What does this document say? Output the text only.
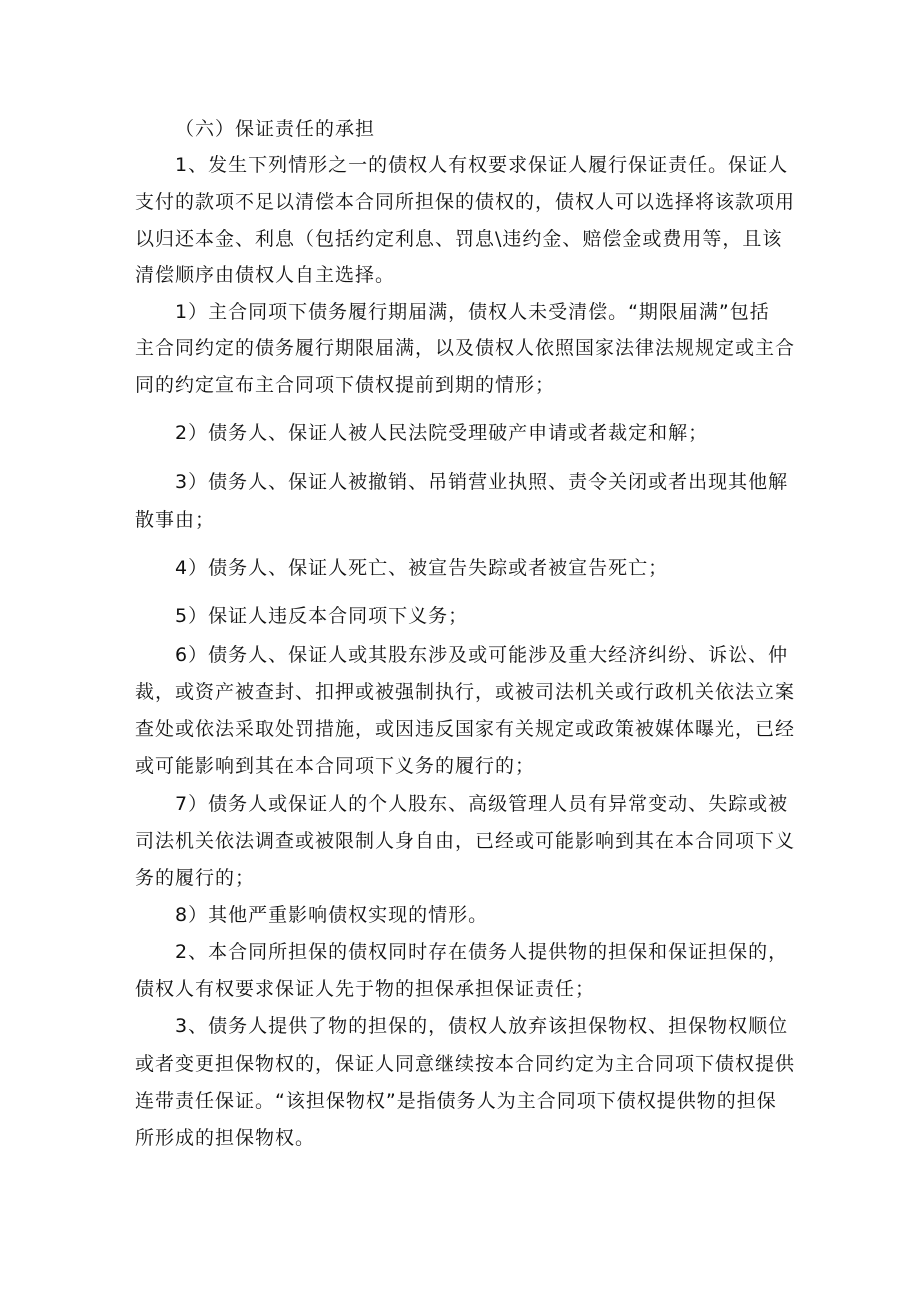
（六）保证责任的承担
1、发生下列情形之一的债权人有权要求保证人履行保证责任。保证人
支付的款项不足以清偿本合同所担保的债权的，债权人可以选择将该款项用
以归还本金、利息（包括约定利息、罚息\违约金、赔偿金或费用等，且该
清偿顺序由债权人自主选择。
1）主合同项下债务履行期届满，债权人未受清偿。“期限届满”包括
主合同约定的债务履行期限届满，以及债权人依照国家法律法规规定或主合
同的约定宣布主合同项下债权提前到期的情形；
2）债务人、保证人被人民法院受理破产申请或者裁定和解；
3）债务人、保证人被撤销、吊销营业执照、责令关闭或者出现其他解
散事由；
4）债务人、保证人死亡、被宣告失踪或者被宣告死亡；
5）保证人违反本合同项下义务；
6）债务人、保证人或其股东涉及或可能涉及重大经济纠纷、诉讼、仲
裁，或资产被查封、扣押或被强制执行，或被司法机关或行政机关依法立案
查处或依法采取处罚措施，或因违反国家有关规定或政策被媒体曝光，已经
或可能影响到其在本合同项下义务的履行的；
7）债务人或保证人的个人股东、高级管理人员有异常变动、失踪或被
司法机关依法调查或被限制人身自由，已经或可能影响到其在本合同项下义
务的履行的；
8）其他严重影响债权实现的情形。
2、本合同所担保的债权同时存在债务人提供物的担保和保证担保的，
债权人有权要求保证人先于物的担保承担保证责任；
3、债务人提供了物的担保的，债权人放弃该担保物权、担保物权顺位
或者变更担保物权的，保证人同意继续按本合同约定为主合同项下债权提供
连带责任保证。“该担保物权”是指债务人为主合同项下债权提供物的担保
所形成的担保物权。
